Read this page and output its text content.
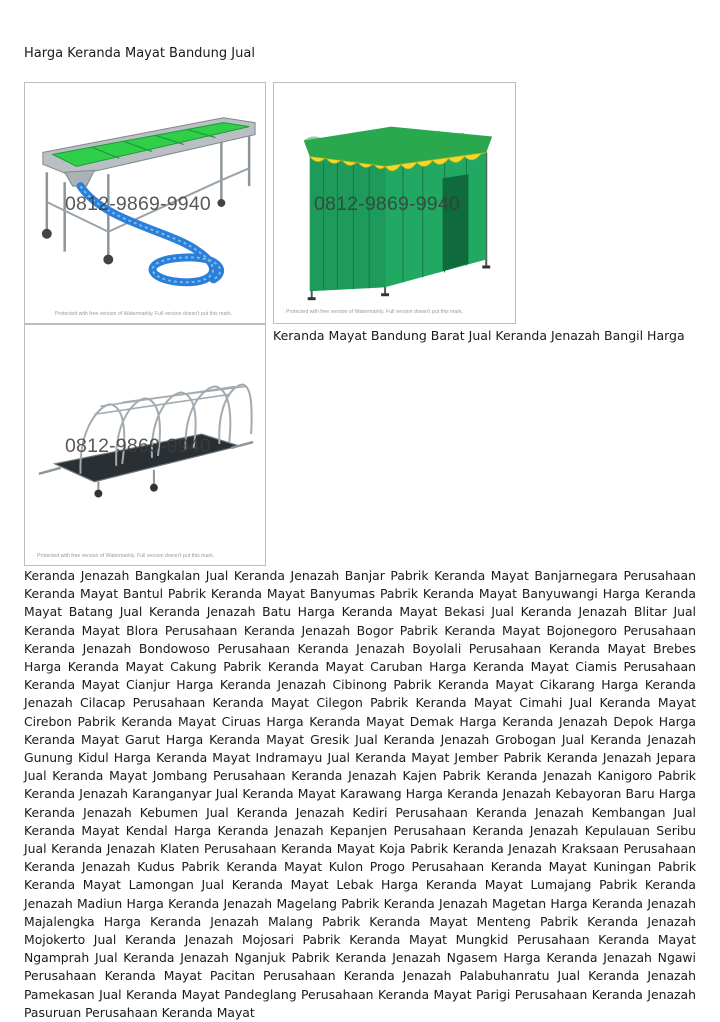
Harga Keranda Mayat Bandung Jual
0812-9869-9940
Protected with free version of Watermarkly. Full version doesn't put this mark.
0812-9869-9940
Protected with free version of Watermarkly. Full version doesn't put this mark.
Keranda Mayat Bandung Barat Jual Keranda Jenazah Bangil Harga
0812-9869-9940
Protected with free version of Watermarkly. Full version doesn't put this mark.
Keranda Jenazah Bangkalan Jual Keranda Jenazah Banjar Pabrik Keranda Mayat Banjarnegara Perusahaan Keranda Mayat Bantul Pabrik Keranda Mayat Banyumas Pabrik Keranda Mayat Banyuwangi Harga Keranda Mayat Batang Jual Keranda Jenazah Batu Harga Keranda Mayat Bekasi Jual Keranda Jenazah Blitar Jual Keranda Mayat Blora Perusahaan Keranda Jenazah Bogor Pabrik Keranda Mayat Bojonegoro Perusahaan Keranda Jenazah Bondowoso Perusahaan Keranda Jenazah Boyolali Perusahaan Keranda Mayat Brebes Harga Keranda Mayat Cakung Pabrik Keranda Mayat Caruban Harga Keranda Mayat Ciamis Perusahaan Keranda Mayat Cianjur Harga Keranda Jenazah Cibinong Pabrik Keranda Mayat Cikarang Harga Keranda Jenazah Cilacap Perusahaan Keranda Mayat Cilegon Pabrik Keranda Mayat Cimahi Jual Keranda Mayat Cirebon Pabrik Keranda Mayat Ciruas Harga Keranda Mayat Demak Harga Keranda Jenazah Depok Harga Keranda Mayat Garut Harga Keranda Mayat Gresik Jual Keranda Jenazah Grobogan Jual Keranda Jenazah Gunung Kidul Harga Keranda Mayat Indramayu Jual Keranda Mayat Jember Pabrik Keranda Jenazah Jepara Jual Keranda Mayat Jombang Perusahaan Keranda Jenazah Kajen Pabrik Keranda Jenazah Kanigoro Pabrik Keranda Jenazah Karanganyar Jual Keranda Mayat Karawang Harga Keranda Jenazah Kebayoran Baru Harga Keranda Jenazah Kebumen Jual Keranda Jenazah Kediri Perusahaan Keranda Jenazah Kembangan Jual Keranda Mayat Kendal Harga Keranda Jenazah Kepanjen Perusahaan Keranda Jenazah Kepulauan Seribu Jual Keranda Jenazah Klaten Perusahaan Keranda Mayat Koja Pabrik Keranda Jenazah Kraksaan Perusahaan Keranda Jenazah Kudus Pabrik Keranda Mayat Kulon Progo Perusahaan Keranda Mayat Kuningan Pabrik Keranda Mayat Lamongan Jual Keranda Mayat Lebak Harga Keranda Mayat Lumajang Pabrik Keranda Jenazah Madiun Harga Keranda Jenazah Magelang Pabrik Keranda Jenazah Magetan Harga Keranda Jenazah Majalengka Harga Keranda Jenazah Malang Pabrik Keranda Mayat Menteng Pabrik Keranda Jenazah Mojokerto Jual Keranda Jenazah Mojosari Pabrik Keranda Mayat Mungkid Perusahaan Keranda Mayat Ngamprah Jual Keranda Jenazah Nganjuk Pabrik Keranda Jenazah Ngasem Harga Keranda Jenazah Ngawi Perusahaan Keranda Mayat Pacitan Perusahaan Keranda Jenazah Palabuhanratu Jual Keranda Jenazah Pamekasan Jual Keranda Mayat Pandeglang Perusahaan Keranda Mayat Parigi Perusahaan Keranda Jenazah Pasuruan Perusahaan Keranda Mayat
